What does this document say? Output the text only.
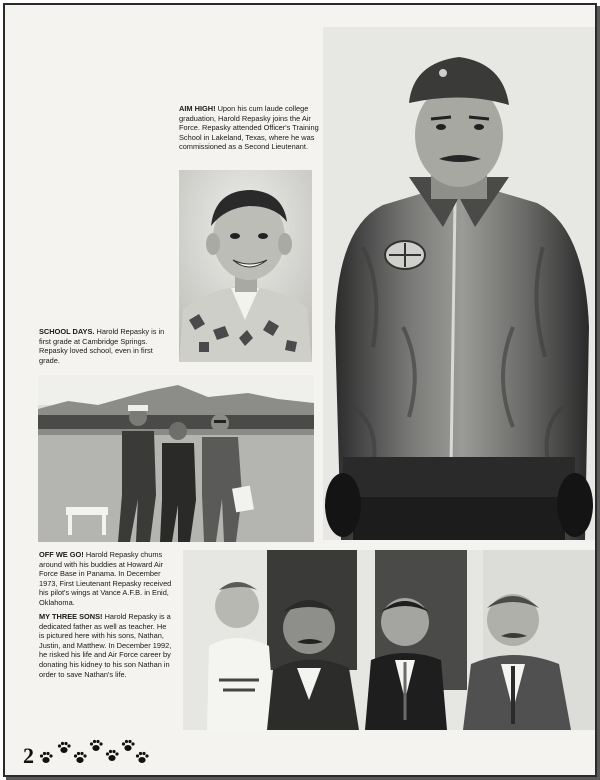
AIM HIGH! Upon his cum laude college graduation, Harold Repasky joins the Air Force. Repasky attended Officer's Training School in Lakeland, Texas, where he was commissioned as a Second Lieutenant.

SCHOOL DAYS. Harold Repasky is in first grade at Cambridge Springs. Repasky loved school, even in first grade.

OFF WE GO! Harold Repasky chums around with his buddies at Howard Air Force Base in Panama. In December 1973, First Lieutenant Repasky received his pilot's wings at Vance A.F.B. in Enid, Oklahoma.

MY THREE SONS! Harold Repasky is a dedicated father as well as teacher. He is pictured here with his sons, Nathan, Justin, and Matthew. In December 1992, he risked his life and Air Force career by donating his kidney to his son Nathan in order to save Nathan's life.

2
